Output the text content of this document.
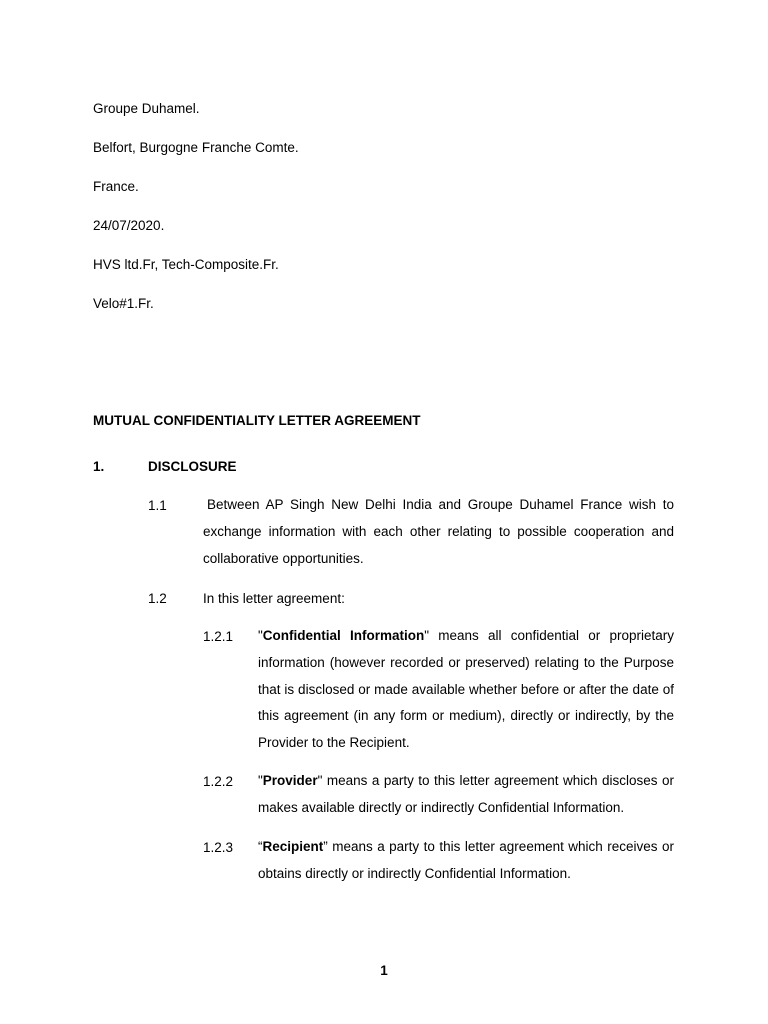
Groupe Duhamel.
Belfort, Burgogne Franche Comte.
France.
24/07/2020.
HVS ltd.Fr, Tech-Composite.Fr.
Velo#1.Fr.
MUTUAL CONFIDENTIALITY LETTER AGREEMENT
1.	DISCLOSURE
1.1	Between AP Singh New Delhi India and Groupe Duhamel France wish to exchange information with each other relating to possible cooperation and collaborative opportunities.
1.2	In this letter agreement:
1.2.1 "Confidential Information" means all confidential or proprietary information (however recorded or preserved) relating to the Purpose that is disclosed or made available whether before or after the date of this agreement (in any form or medium), directly or indirectly, by the Provider to the Recipient.
1.2.2 "Provider" means a party to this letter agreement which discloses or makes available directly or indirectly Confidential Information.
1.2.3 “Recipient” means a party to this letter agreement which receives or obtains directly or indirectly Confidential Information.
1
